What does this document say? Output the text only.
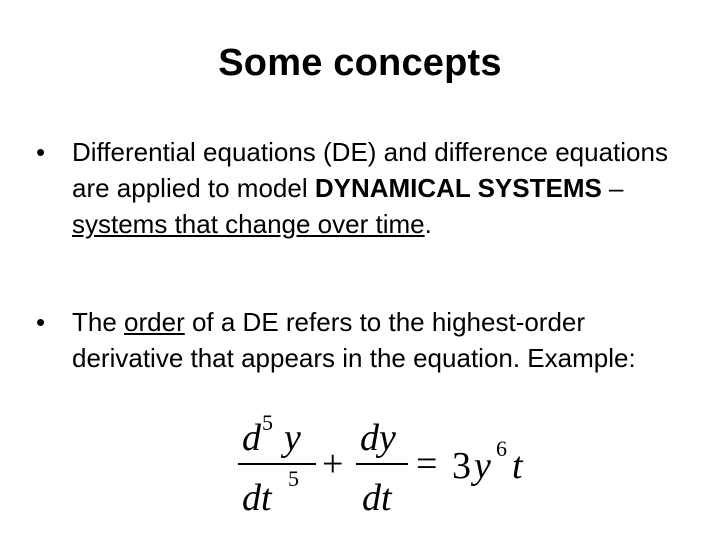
Some concepts
•	Differential equations (DE) and difference equations are applied to model DYNAMICAL SYSTEMS – systems that change over time.
•	The order of a DE refers to the highest-order derivative that appears in the equation. Example:
d 5 y
dt 5 +
dy
dt
= 3 y 6 t
